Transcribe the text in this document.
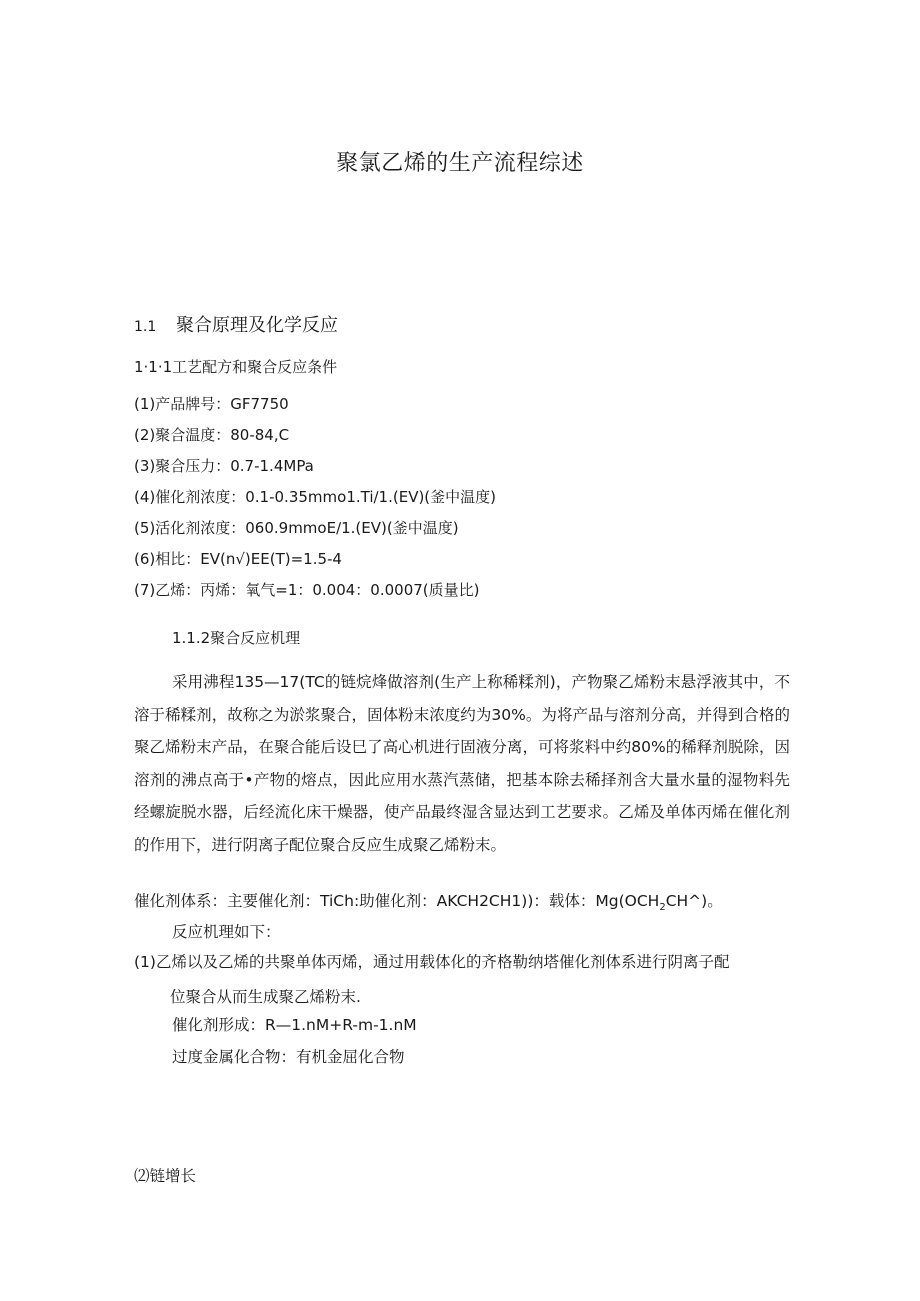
聚氯乙烯的生产流程综述
1.1 聚合原理及化学反应
1·1·1工艺配方和聚合反应条件
(1)产品牌号：GF7750
(2)聚合温度：80-84,C
(3)聚合压力：0.7-1.4MPa
(4)催化剂浓度：0.1-0.35mmo1.Ti∕1.(EV)(釜中温度)
(5)活化剂浓度：060.9mmoE∕1.(EV)(釜中温度)
(6)相比：EV(n√)EE(T)=1.5-4
(7)乙烯：丙烯：氧气=1：0.004：0.0007(质量比)
1.1.2聚合反应机理

采用沸程135—17(TC的链烷烽做溶剂(生产上称稀糅剂)，产物聚乙烯粉末悬浮液其中，不溶于稀糅剂，故称之为淤浆聚合，固体粉末浓度约为30%。为将产品与溶剂分高，并得到合格的聚乙烯粉末产品，在聚合能后设巳了高心机进行固液分离，可将浆料中约80%的稀释剂脱除，因溶剂的沸点高于•产物的熔点，因此应用水蒸汽蒸储，把基本除去稀择剂含大量水量的湿物料先经螺旋脱水器，后经流化床干燥器，使产品最终湿含显达到工艺要求。乙烯及单体丙烯在催化剂的作用下，进行阴离子配位聚合反应生成聚乙烯粉末。

催化剂体系：主要催化剂：TiCh:助催化剂：AKCH2CH1))：载体：$Mg(OCH_2CH\^{})$。
反应机理如下：
(1)乙烯以及乙烯的共聚单体丙烯，通过用载体化的齐格勒纳塔催化剂体系进行阴离子配
位聚合从而生成聚乙烯粉末.
催化剂形成：R—1.nM+R-m-1.nM
过度金属化合物：有机金屈化合物
⑵链增长
